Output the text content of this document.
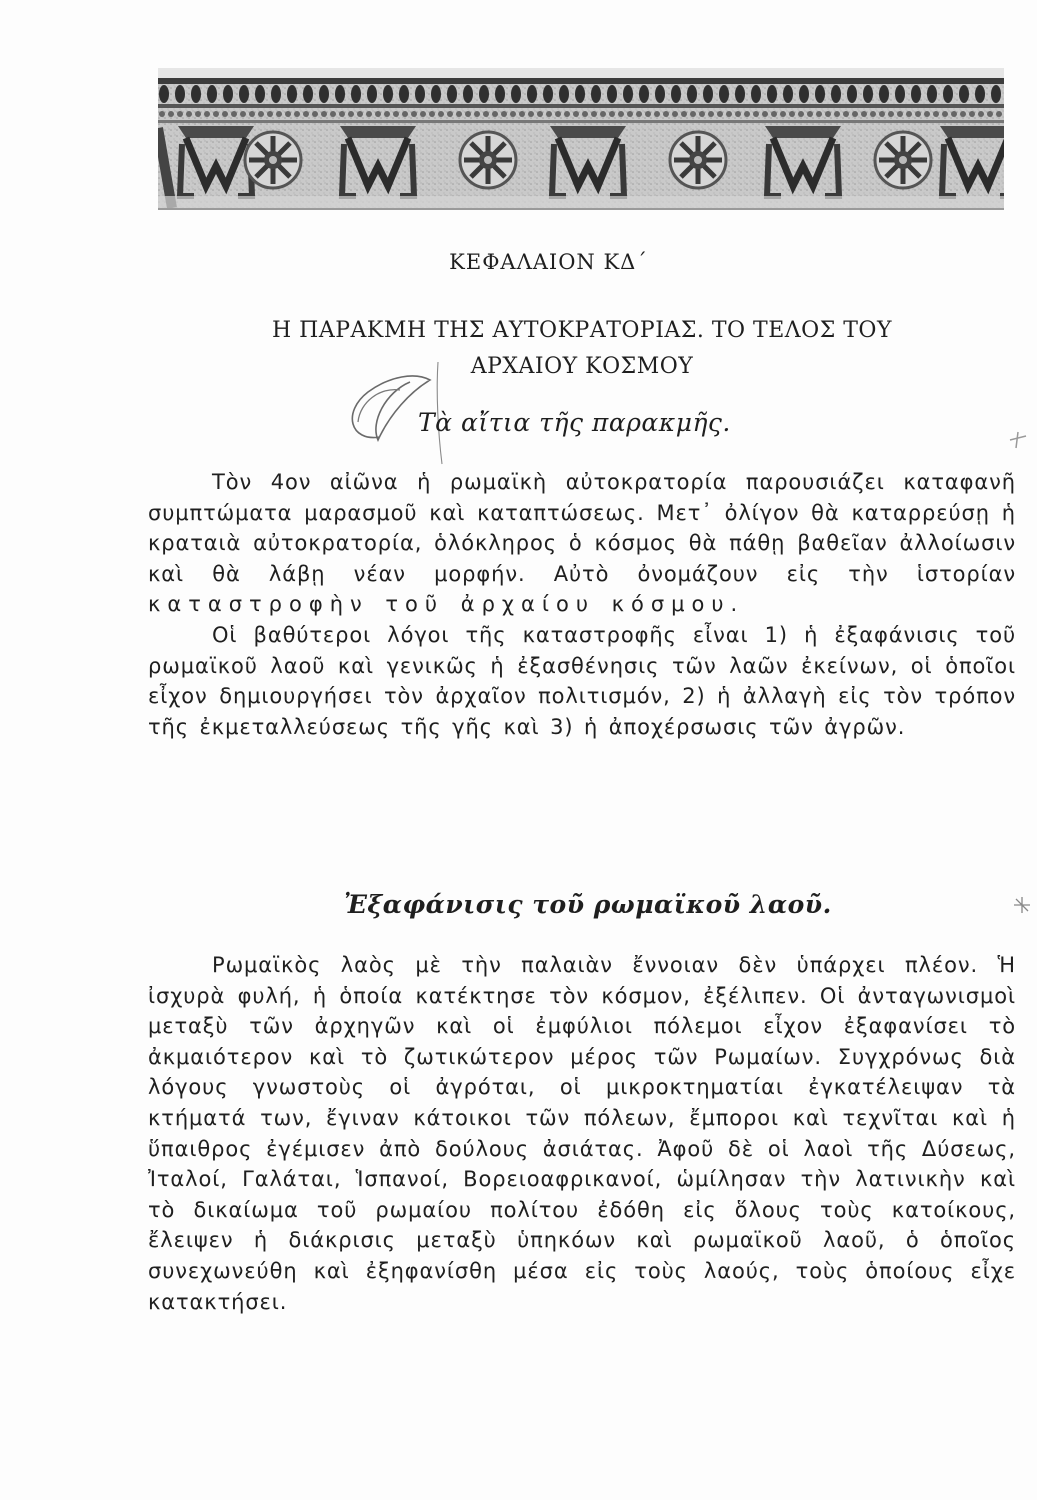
ΚΕΦΑΛΑΙΟΝ ΚΔ΄
Η ΠΑΡΑΚΜΗ ΤΗΣ ΑΥΤΟΚΡΑΤΟΡΙΑΣ. ΤΟ ΤΕΛΟΣ ΤΟΥ
ΑΡΧΑΙΟΥ ΚΟΣΜΟΥ
Τὰ αἴτια τῆς παρακμῆς.

Τὸν 4ον αἰῶνα ἡ ρωμαϊκὴ αὐτοκρατορία παρουσιάζει καταφανῆ συμπτώματα μαρασμοῦ καὶ καταπτώσεως. Μετ᾽ ὀλίγον θὰ καταρρεύσῃ ἡ κραταιὰ αὐτοκρατορία, ὁλόκληρος ὁ κόσμος θὰ πάθῃ βαθεῖαν ἀλλοίωσιν καὶ θὰ λάβῃ νέαν μορφήν. Αὐτὸ ὀνομάζουν εἰς τὴν ἱστορίαν καταστροφὴν τοῦ ἀρχαίου κόσμου.

Οἱ βαθύτεροι λόγοι τῆς καταστροφῆς εἶναι 1) ἡ ἐξαφάνισις τοῦ ρωμαϊκοῦ λαοῦ καὶ γενικῶς ἡ ἐξασθένησις τῶν λαῶν ἐκείνων, οἱ ὁποῖοι εἶχον δημιουργήσει τὸν ἀρχαῖον πολιτισμόν, 2) ἡ ἀλλαγὴ εἰς τὸν τρόπον τῆς ἐκμεταλλεύσεως τῆς γῆς καὶ 3) ἡ ἀποχέρσωσις τῶν ἀγρῶν.

Ἐξαφάνισις τοῦ ρωμαϊκοῦ λαοῦ.

Ρωμαϊκὸς λαὸς μὲ τὴν παλαιὰν ἔννοιαν δὲν ὑπάρχει πλέον. Ἡ ἰσχυρὰ φυλή, ἡ ὁποία κατέκτησε τὸν κόσμον, ἐξέλιπεν. Οἱ ἀνταγωνισμοὶ μεταξὺ τῶν ἀρχηγῶν καὶ οἱ ἐμφύλιοι πόλεμοι εἶχον ἐξαφανίσει τὸ ἀκμαιότερον καὶ τὸ ζωτικώτερον μέρος τῶν Ρωμαίων. Συγχρόνως διὰ λόγους γνωστοὺς οἱ ἀγρόται, οἱ μικροκτηματίαι ἐγκατέλειψαν τὰ κτήματά των, ἔγιναν κάτοικοι τῶν πόλεων, ἔμποροι καὶ τεχνῖται καὶ ἡ ὕπαιθρος ἐγέμισεν ἀπὸ δούλους ἀσιάτας. Ἀφοῦ δὲ οἱ λαοὶ τῆς Δύσεως, Ἰταλοί, Γαλάται, Ἱσπανοί, Βορειοαφρικανοί, ὡμίλησαν τὴν λατινικὴν καὶ τὸ δικαίωμα τοῦ ρωμαίου πολίτου ἐδόθη εἰς ὅλους τοὺς κατοίκους, ἔλειψεν ἡ διάκρισις μεταξὺ ὑπηκόων καὶ ρωμαϊκοῦ λαοῦ, ὁ ὁποῖος συνεχωνεύθη καὶ ἐξηφανίσθη μέσα εἰς τοὺς λαούς, τοὺς ὁποίους εἶχε κατακτήσει.
